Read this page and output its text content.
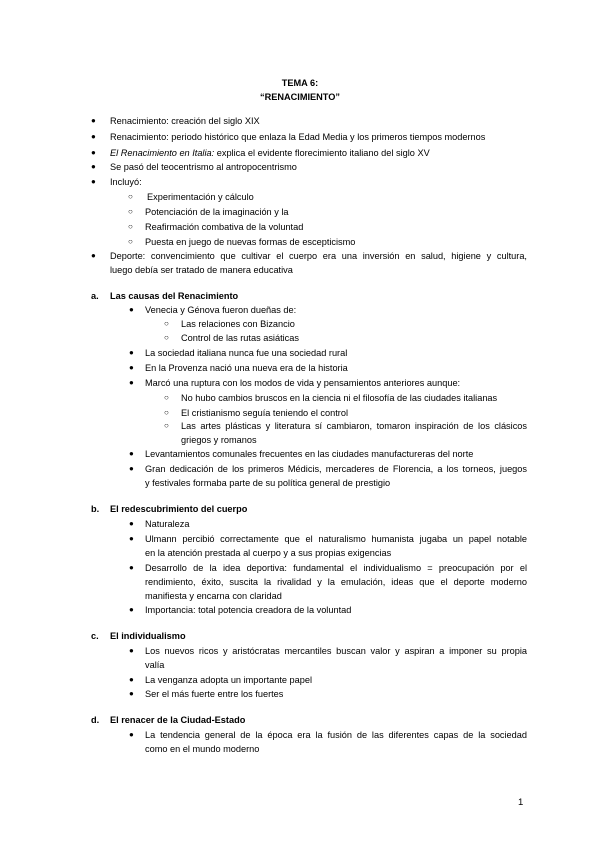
TEMA 6:
“RENACIMIENTO”
● Renacimiento: creación del siglo XIX
● Renacimiento: periodo histórico que enlaza la Edad Media y los primeros tiempos modernos
● El Renacimiento en Italia: explica el evidente florecimiento italiano del siglo XV
● Se pasó del teocentrismo al antropocentrismo
● Incluyó:
○ Experimentación y cálculo
○ Potenciación de la imaginación y la
○ Reafirmación combativa de la voluntad
○ Puesta en juego de nuevas formas de escepticismo
● Deporte: convencimiento que cultivar el cuerpo era una inversión en salud, higiene y cultura,
luego debía ser tratado de manera educativa
a. Las causas del Renacimiento
● Venecia y Génova fueron dueñas de:
○ Las relaciones con Bizancio
○ Control de las rutas asiáticas
● La sociedad italiana nunca fue una sociedad rural
● En la Provenza nació una nueva era de la historia
● Marcó una ruptura con los modos de vida y pensamientos anteriores aunque:
○ No hubo cambios bruscos en la ciencia ni el filosofía de las ciudades italianas
○ El cristianismo seguía teniendo el control
○ Las artes plásticas y literatura sí cambiaron, tomaron inspiración de los clásicos
griegos y romanos
● Levantamientos comunales frecuentes en las ciudades manufactureras del norte
● Gran dedicación de los primeros Médicis, mercaderes de Florencia, a los torneos, juegos
y festivales formaba parte de su política general de prestigio
b. El redescubrimiento del cuerpo
● Naturaleza
● Ulmann percibió correctamente que el naturalismo humanista jugaba un papel notable
en la atención prestada al cuerpo y a sus propias exigencias
● Desarrollo de la idea deportiva: fundamental el individualismo = preocupación por el
rendimiento, éxito, suscita la rivalidad y la emulación, ideas que el deporte moderno
manifiesta y encarna con claridad
● Importancia: total potencia creadora de la voluntad
c. El individualismo
● Los nuevos ricos y aristócratas mercantiles buscan valor y aspiran a imponer su propia
valía
● La venganza adopta un importante papel
● Ser el más fuerte entre los fuertes
d. El renacer de la Ciudad-Estado
● La tendencia general de la época era la fusión de las diferentes capas de la sociedad
como en el mundo moderno
1
